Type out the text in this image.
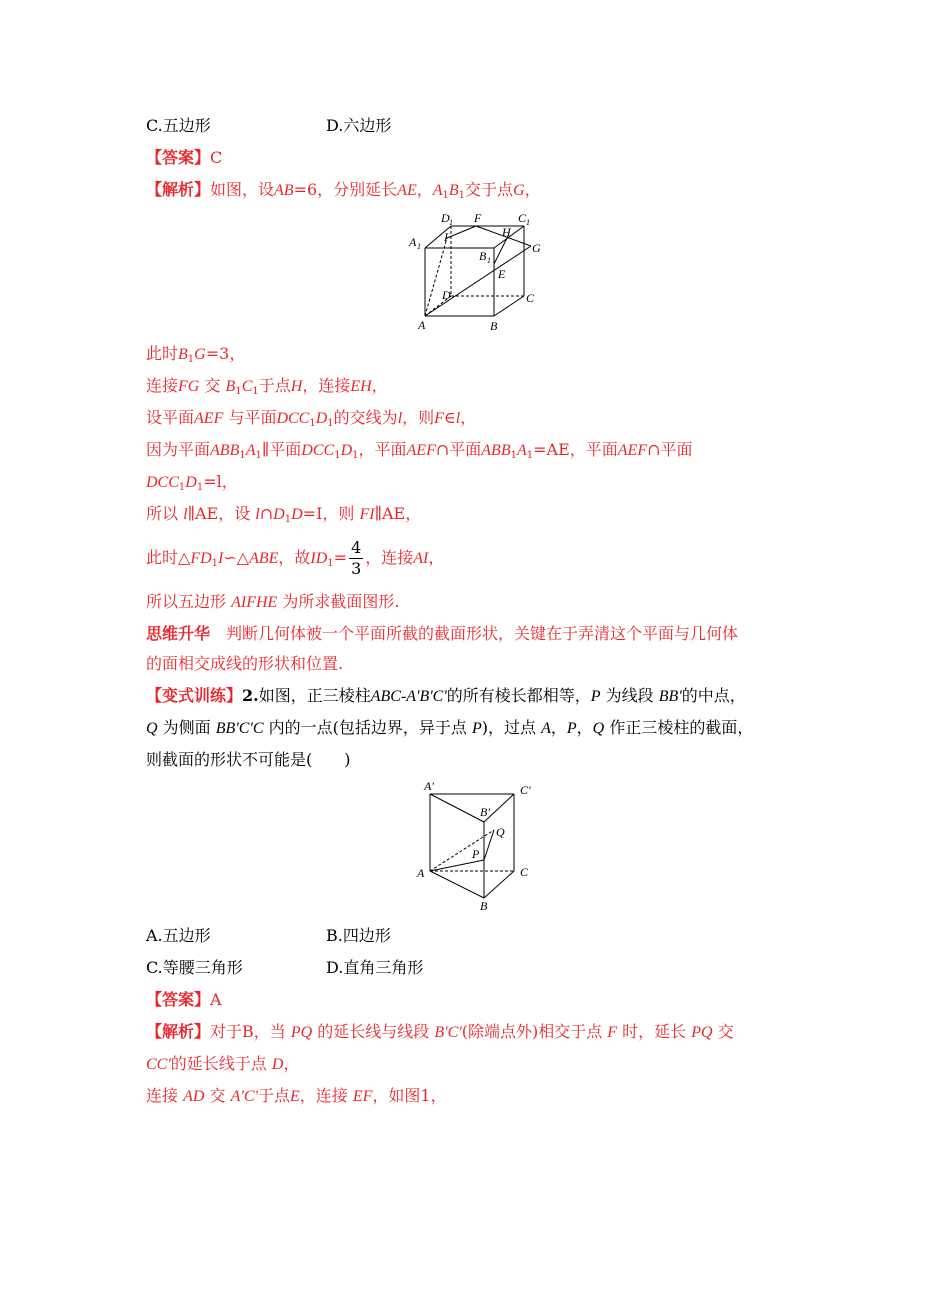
C.五边形	D.六边形
【答案】C
【解析】如图，设AB=6，分别延长AE，$A_1B_1$交于点G，
D 1 F	C 1
A 1
I	H
G
B 1
E
D	C
A	B
此时$B_1G=3$，
连接FG 交 $B_1C_1$于点H，连接EH，
设平面AEF 与平面$DCC_1D_1$的交线为l，则F∈l，
因为平面$ABB_1A_1\parallel$平面$DCC_1D_1$，平面AEF∩平面$ABB_1A_1=AE$，平面AEF∩平面
$DCC_1D_1=l$，
所以 l∥AE，设 $l\cap D_1D=I$，则 FI∥AE，
此时$\triangle FD_1I∽\triangle ABE$，故$ID_1= \frac{4}{3}$ ，连接AI，
所以五边形 AIFHE 为所求截面图形.
思维升华　 判断几何体被一个平面所截的截面形状，关键在于弄清这个平面与几何体
的面相交成线的形状和位置.
【变式训练】2.如图，正三棱柱ABC-A'B'C'的所有棱长都相等，P 为线段 BB'的中点，
Q 为侧面 BB'C'C 内的一点(包括边界，异于点 P)，过点 A，P，Q 作正三棱柱的截面，
则截面的形状不可能是(　　)
A′	C′
B′
Q
P
A	C
B
A.五边形	B.四边形
C.等腰三角形	D.直角三角形
【答案】A
【解析】对于B，当 PQ 的延长线与线段 B'C'(除端点外)相交于点 F 时，延长 PQ 交
CC'的延长线于点 D，
连接 AD 交 A'C'于点E，连接 EF，如图1，
